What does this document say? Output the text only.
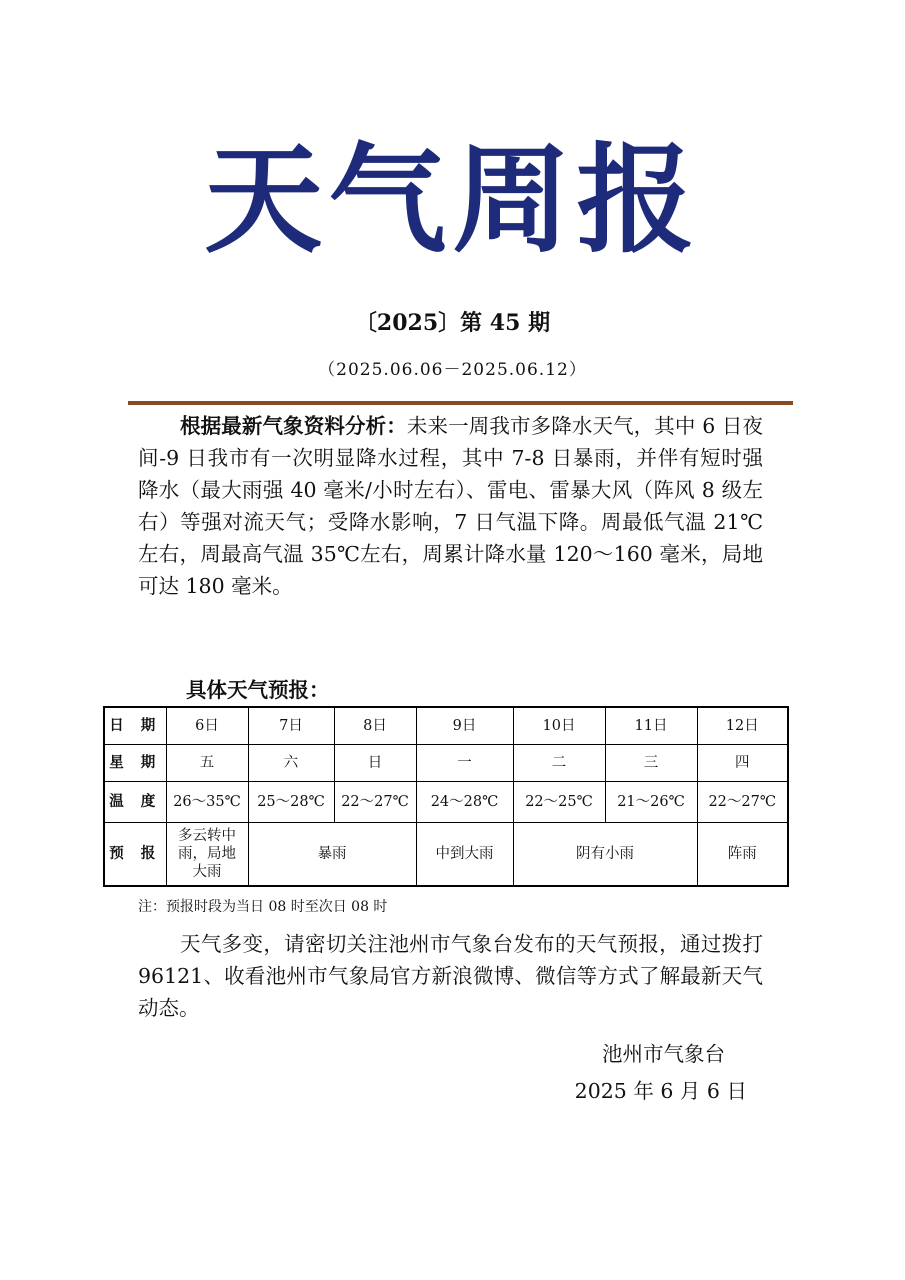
天气周报
〔2025〕第 45 期
（2025.06.06－2025.06.12）
根据最新气象资料分析：未来一周我市多降水天气，其中 6 日夜间-9 日我市有一次明显降水过程，其中 7-8 日暴雨，并伴有短时强降水（最大雨强 40 毫米/小时左右）、雷电、雷暴大风（阵风 8 级左右）等强对流天气；受降水影响，7 日气温下降。周最低气温 21℃左右，周最高气温 35℃左右，周累计降水量 120～160 毫米，局地可达 180 毫米。
具体天气预报：
日 期	6日	7日	8日	9日	10日	11日	12日
星 期	五	六	日	一	二	三	四
温 度	26～35℃	25～28℃	22～27℃	24～28℃	22～25℃	21～26℃	22～27℃
预 报	多云转中雨，局地大雨	暴雨		中到大雨	阴有小雨		阵雨
注：预报时段为当日 08 时至次日 08 时
天气多变，请密切关注池州市气象台发布的天气预报，通过拨打 96121、收看池州市气象局官方新浪微博、微信等方式了解最新天气动态。
池州市气象台
2025 年 6 月 6 日
